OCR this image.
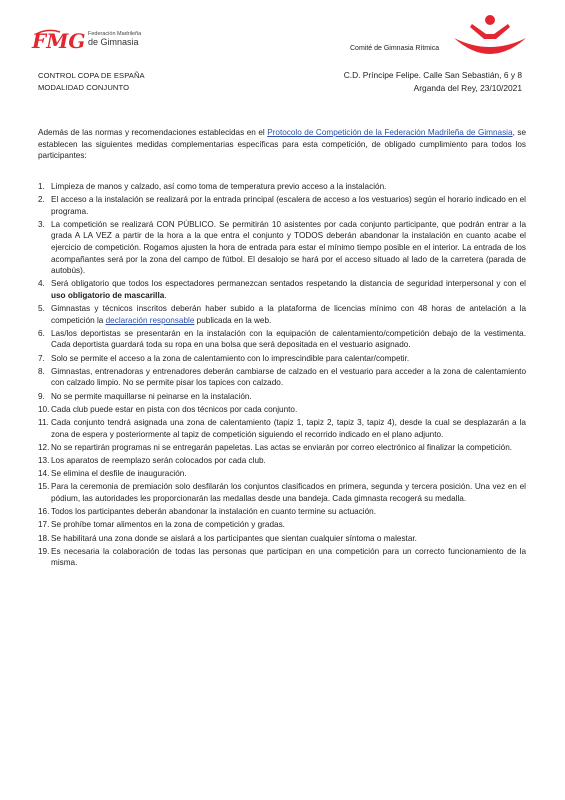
FMG Federación Madrileña
de Gimnasia
Comité de Gimnasia Rítmica
CONTROL COPA DE ESPAÑA
MODALIDAD CONJUNTO
C.D. Príncipe Felipe. Calle San Sebastián, 6 y 8
Arganda del Rey, 23/10/2021

Además de las normas y recomendaciones establecidas en el Protocolo de Competición de la Federación Madrileña de Gimnasia, se establecen las siguientes medidas complementarias específicas para esta competición, de obligado cumplimiento para todos los participantes:

1. Limpieza de manos y calzado, así como toma de temperatura previo acceso a la instalación.
2. El acceso a la instalación se realizará por la entrada principal (escalera de acceso a los vestuarios) según el horario indicado en el programa.
3. La competición se realizará CON PÚBLICO. Se permitirán 10 asistentes por cada conjunto participante, que podrán entrar a la grada A LA VEZ a partir de la hora a la que entra el conjunto y TODOS deberán abandonar la instalación en cuanto acabe el ejercicio de competición. Rogamos ajusten la hora de entrada para estar el mínimo tiempo posible en el interior. La entrada de los acompañantes será por la zona del campo de fútbol. El desalojo se hará por el acceso situado al lado de la carretera (parada de autobús).
4. Será obligatorio que todos los espectadores permanezcan sentados respetando la distancia de seguridad interpersonal y con el uso obligatorio de mascarilla.
5. Gimnastas y técnicos inscritos deberán haber subido a la plataforma de licencias mínimo con 48 horas de antelación a la competición la declaración responsable publicada en la web.
6. Las/los deportistas se presentarán en la instalación con la equipación de calentamiento/competición debajo de la vestimenta. Cada deportista guardará toda su ropa en una bolsa que será depositada en el vestuario asignado.
7. Solo se permite el acceso a la zona de calentamiento con lo imprescindible para calentar/competir.
8. Gimnastas, entrenadoras y entrenadores deberán cambiarse de calzado en el vestuario para acceder a la zona de calentamiento con calzado limpio. No se permite pisar los tapices con calzado.
9. No se permite maquillarse ni peinarse en la instalación.
10. Cada club puede estar en pista con dos técnicos por cada conjunto.
11. Cada conjunto tendrá asignada una zona de calentamiento (tapiz 1, tapiz 2, tapiz 3, tapiz 4), desde la cual se desplazarán a la zona de espera y posteriormente al tapiz de competición siguiendo el recorrido indicado en el plano adjunto.
12. No se repartirán programas ni se entregarán papeletas. Las actas se enviarán por correo electrónico al finalizar la competición.
13. Los aparatos de reemplazo serán colocados por cada club.
14. Se elimina el desfile de inauguración.
15. Para la ceremonia de premiación solo desfilarán los conjuntos clasificados en primera, segunda y tercera posición. Una vez en el pódium, las autoridades les proporcionarán las medallas desde una bandeja. Cada gimnasta recogerá su medalla.
16. Todos los participantes deberán abandonar la instalación en cuanto termine su actuación.
17. Se prohíbe tomar alimentos en la zona de competición y gradas.
18. Se habilitará una zona donde se aislará a los participantes que sientan cualquier síntoma o malestar.
19. Es necesaria la colaboración de todas las personas que participan en una competición para un correcto funcionamiento de la misma.
